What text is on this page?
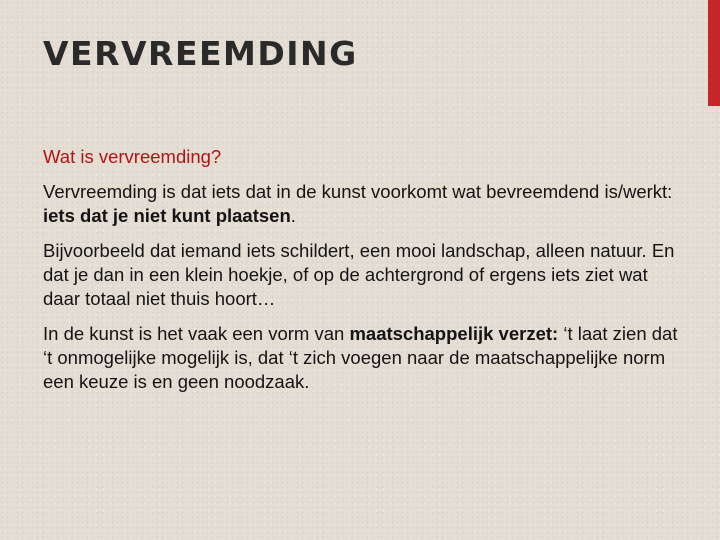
VERVREEMDING

Wat is vervreemding?

Vervreemding is dat iets dat in de kunst voorkomt wat bevreemdend is/werkt: iets dat je niet kunt plaatsen.

Bijvoorbeeld dat iemand iets schildert, een mooi landschap, alleen natuur. En dat je dan in een klein hoekje, of op de achtergrond of ergens iets ziet wat daar totaal niet thuis hoort…

In de kunst is het vaak een vorm van maatschappelijk verzet: ‘t laat zien dat ‘t onmogelijke mogelijk is, dat ‘t zich voegen naar de maatschappelijke norm een keuze is en geen noodzaak.
